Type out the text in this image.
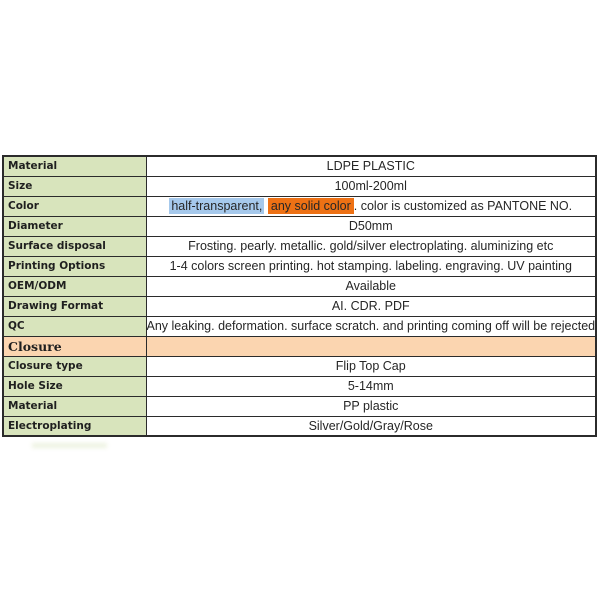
Material	LDPE PLASTIC
Size	100ml-200ml
Color	half-transparent, any solid color . color is customized as PANTONE NO.
Diameter	D50mm
Surface disposal	Frosting. pearly. metallic. gold/silver electroplating. aluminizing etc
Printing Options	1-4 colors screen printing. hot stamping. labeling. engraving. UV painting
OEM/ODM	Available
Drawing Format	AI. CDR. PDF
QC	Any leaking. deformation. surface scratch. and printing coming off will be rejected
Closure	
Closure type	Flip Top Cap
Hole Size	5-14mm
Material	PP plastic
Electroplating	Silver/Gold/Gray/Rose
